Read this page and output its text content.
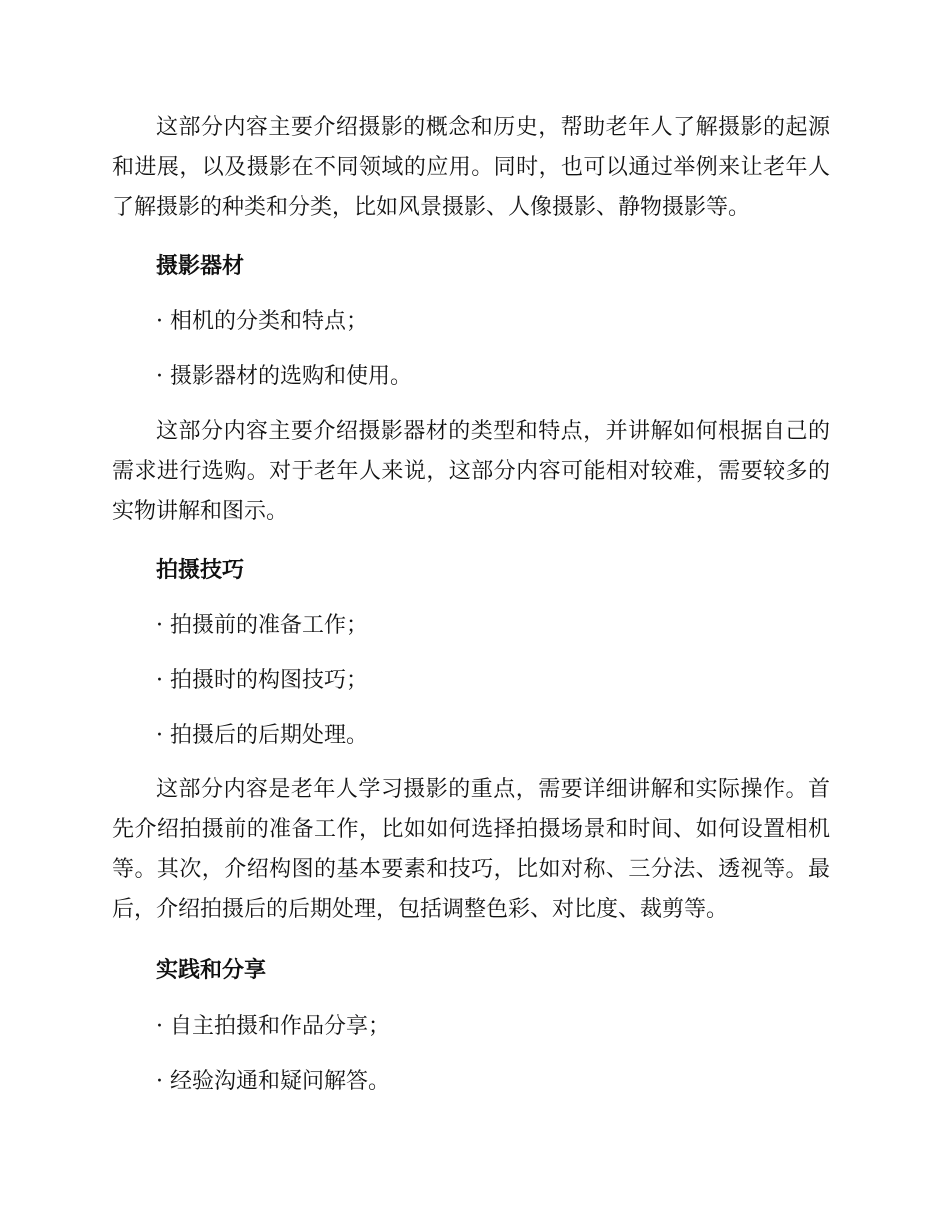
这部分内容主要介绍摄影的概念和历史，帮助老年人了解摄影的起源和进展，以及摄影在不同领域的应用。同时，也可以通过举例来让老年人了解摄影的种类和分类，比如风景摄影、人像摄影、静物摄影等。

摄影器材

· 相机的分类和特点；

· 摄影器材的选购和使用。

这部分内容主要介绍摄影器材的类型和特点，并讲解如何根据自己的需求进行选购。对于老年人来说，这部分内容可能相对较难，需要较多的实物讲解和图示。

拍摄技巧

· 拍摄前的准备工作；

· 拍摄时的构图技巧；

· 拍摄后的后期处理。

这部分内容是老年人学习摄影的重点，需要详细讲解和实际操作。首先介绍拍摄前的准备工作，比如如何选择拍摄场景和时间、如何设置相机等。其次，介绍构图的基本要素和技巧，比如对称、三分法、透视等。最后，介绍拍摄后的后期处理，包括调整色彩、对比度、裁剪等。

实践和分享

· 自主拍摄和作品分享；

· 经验沟通和疑问解答。
